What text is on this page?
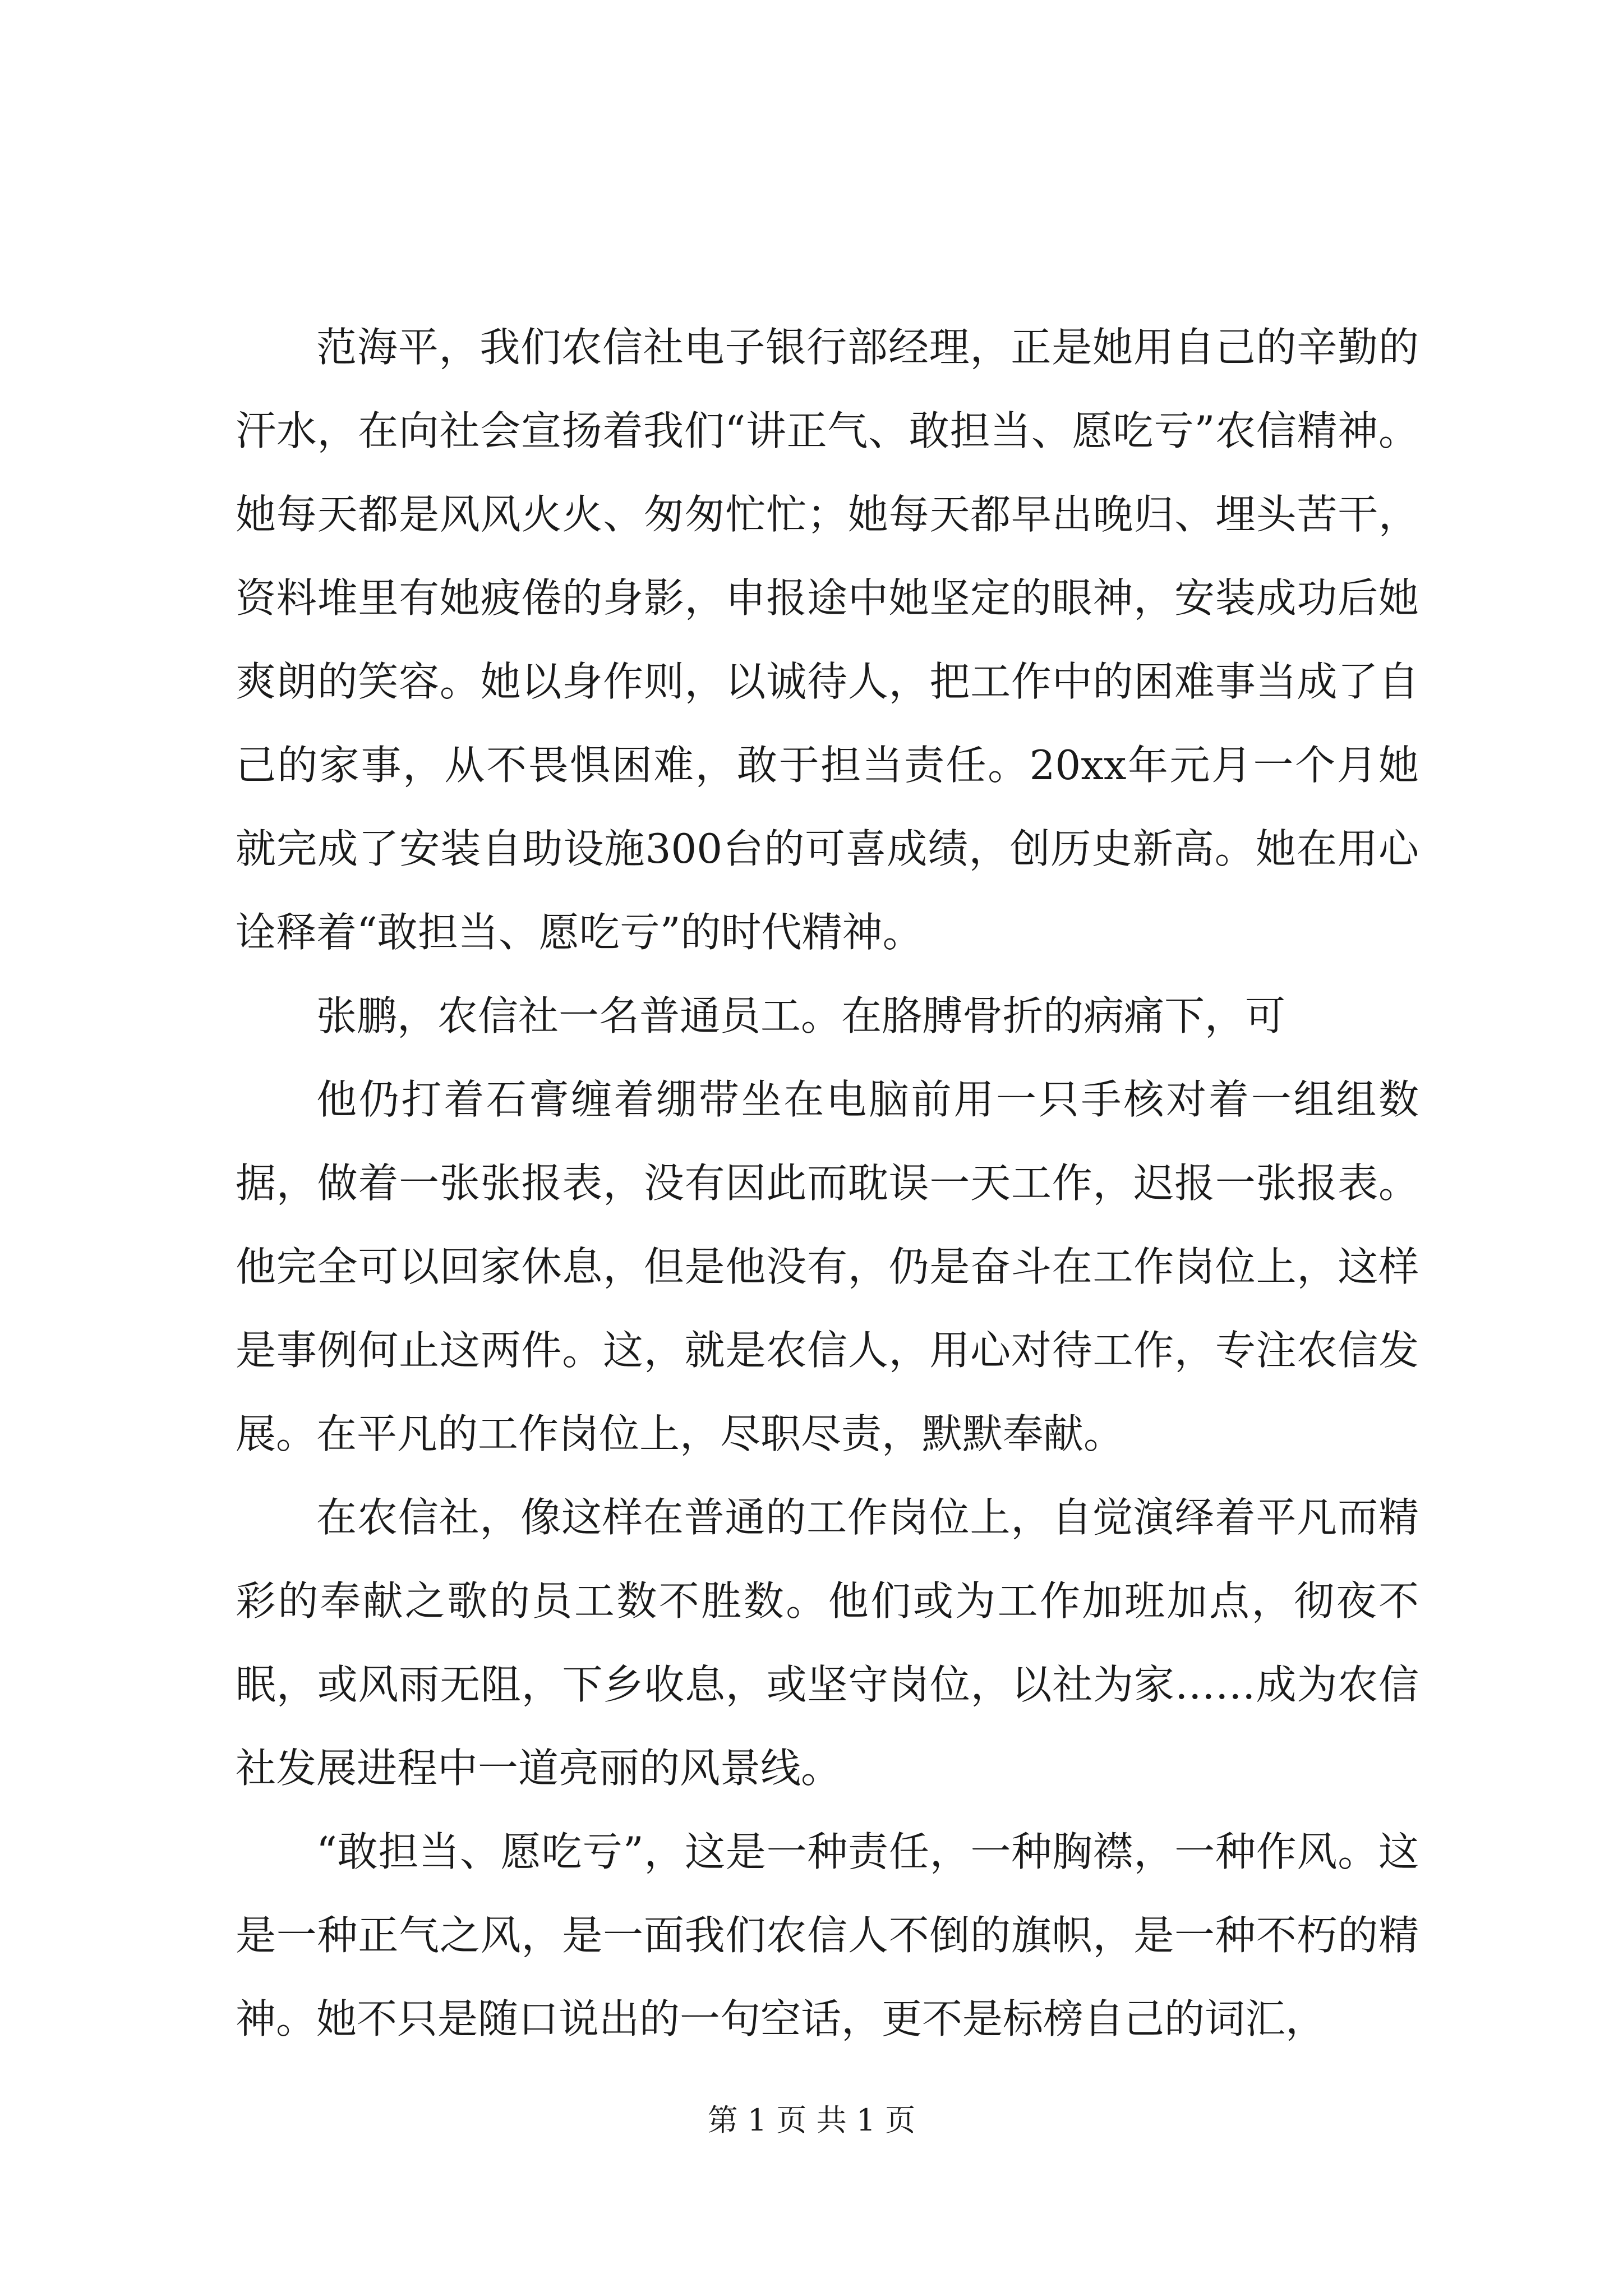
范海平，我们农信社电子银行部经理，正是她用自己的辛勤的汗水，在向社会宣扬着我们“讲正气、敢担当、愿吃亏”农信精神。她每天都是风风火火、匆匆忙忙；她每天都早出晚归、埋头苦干，资料堆里有她疲倦的身影，申报途中她坚定的眼神，安装成功后她爽朗的笑容。她以身作则，以诚待人，把工作中的困难事当成了自己的家事，从不畏惧困难，敢于担当责任。20xx年元月一个月她就完成了安装自助设施300台的可喜成绩，创历史新高。她在用心诠释着“敢担当、愿吃亏”的时代精神。

张鹏，农信社一名普通员工。在胳膊骨折的病痛下，可

他仍打着石膏缠着绷带坐在电脑前用一只手核对着一组组数据，做着一张张报表，没有因此而耽误一天工作，迟报一张报表。他完全可以回家休息，但是他没有，仍是奋斗在工作岗位上，这样是事例何止这两件。这，就是农信人，用心对待工作，专注农信发展。在平凡的工作岗位上，尽职尽责，默默奉献。

在农信社，像这样在普通的工作岗位上，自觉演绎着平凡而精彩的奉献之歌的员工数不胜数。他们或为工作加班加点，彻夜不眠，或风雨无阻，下乡收息，或坚守岗位，以社为家……成为农信社发展进程中一道亮丽的风景线。

“敢担当、愿吃亏”，这是一种责任，一种胸襟，一种作风。这是一种正气之风，是一面我们农信人不倒的旗帜，是一种不朽的精神。她不只是随口说出的一句空话，更不是标榜自己的词汇，

第 1 页 共 1 页
